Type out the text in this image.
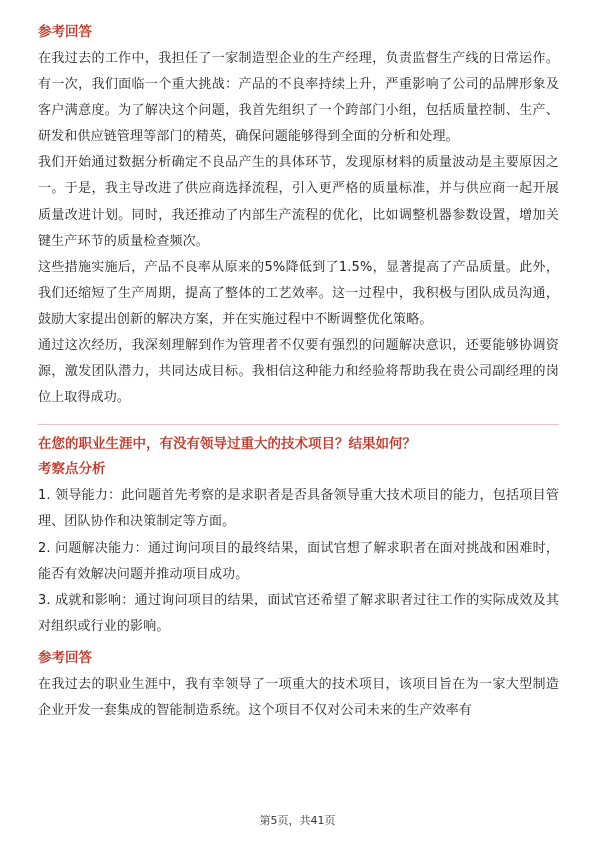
参考回答

在我过去的工作中，我担任了一家制造型企业的生产经理，负责监督生产线的日常运作。有一次，我们面临一个重大挑战：产品的不良率持续上升，严重影响了公司的品牌形象及客户满意度。为了解决这个问题，我首先组织了一个跨部门小组，包括质量控制、生产、研发和供应链管理等部门的精英，确保问题能够得到全面的分析和处理。

我们开始通过数据分析确定不良品产生的具体环节，发现原材料的质量波动是主要原因之一。于是，我主导改进了供应商选择流程，引入更严格的质量标准，并与供应商一起开展质量改进计划。同时，我还推动了内部生产流程的优化，比如调整机器参数设置，增加关键生产环节的质量检查频次。

这些措施实施后，产品不良率从原来的5%降低到了1.5%，显著提高了产品质量。此外，我们还缩短了生产周期，提高了整体的工艺效率。这一过程中，我积极与团队成员沟通，鼓励大家提出创新的解决方案，并在实施过程中不断调整优化策略。

通过这次经历，我深刻理解到作为管理者不仅要有强烈的问题解决意识，还要能够协调资源，激发团队潜力，共同达成目标。我相信这种能力和经验将帮助我在贵公司副经理的岗位上取得成功。

在您的职业生涯中，有没有领导过重大的技术项目？结果如何？

考察点分析

1. 领导能力：此问题首先考察的是求职者是否具备领导重大技术项目的能力，包括项目管理、团队协作和决策制定等方面。

2. 问题解决能力：通过询问项目的最终结果，面试官想了解求职者在面对挑战和困难时，能否有效解决问题并推动项目成功。

3. 成就和影响：通过询问项目的结果，面试官还希望了解求职者过往工作的实际成效及其对组织或行业的影响。

参考回答

在我过去的职业生涯中，我有幸领导了一项重大的技术项目，该项目旨在为一家大型制造企业开发一套集成的智能制造系统。这个项目不仅对公司未来的生产效率有

第5页，共41页
